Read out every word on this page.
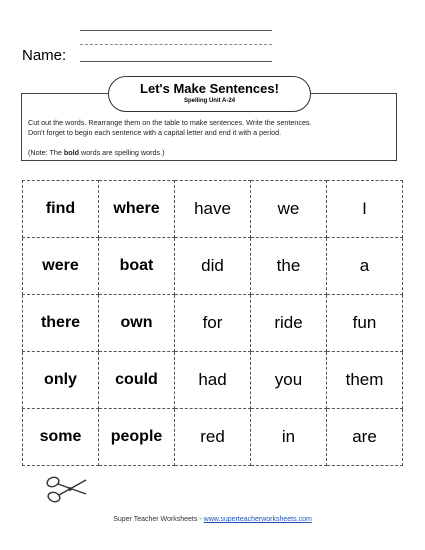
Name:
Let's Make Sentences!
Spelling Unit A-24
Cut out the words. Rearrange them on the table to make sentences. Write the sentences.
Don't forget to begin each sentence with a capital letter and end it with a period.
(Note: The bold words are spelling words.)
find	where	have	we	I
were	boat	did	the	a
there	own	for	ride	fun
only	could	had	you	them
some	people	red	in	are
Super Teacher Worksheets - www.superteacherworksheets.com
